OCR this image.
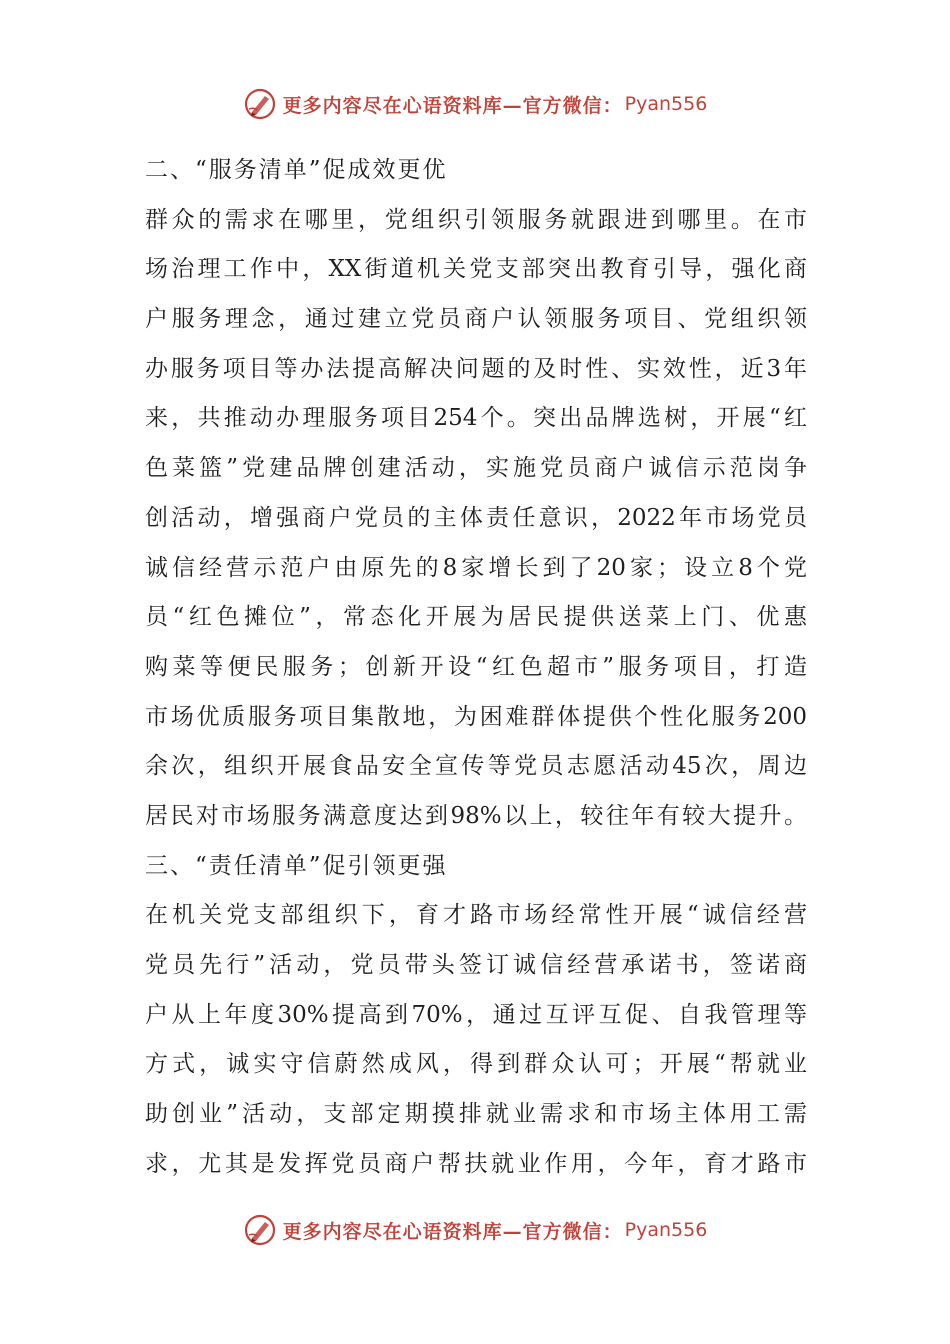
更多内容尽在心语资料库—官方微信： Pyan556
二、“服务清单”促成效更优
群众的需求在哪里，党组织引领服务就跟进到哪里。在市
场治理工作中，XX街道机关党支部突出教育引导，强化商
户服务理念，通过建立党员商户认领服务项目、党组织领
办服务项目等办法提高解决问题的及时性、实效性，近3年
来，共推动办理服务项目254个。突出品牌选树，开展“红
色菜篮”党建品牌创建活动，实施党员商户诚信示范岗争
创活动，增强商户党员的主体责任意识，2022年市场党员
诚信经营示范户由原先的8家增长到了20家；设立8个党
员“红色摊位”，常态化开展为居民提供送菜上门、优惠
购菜等便民服务；创新开设“红色超市”服务项目，打造
市场优质服务项目集散地，为困难群体提供个性化服务200
余次，组织开展食品安全宣传等党员志愿活动45次，周边
居民对市场服务满意度达到98%以上，较往年有较大提升。
三、“责任清单”促引领更强
在机关党支部组织下，育才路市场经常性开展“诚信经营
党员先行”活动，党员带头签订诚信经营承诺书，签诺商
户从上年度30%提高到70%，通过互评互促、自我管理等
方式，诚实守信蔚然成风，得到群众认可；开展“帮就业
助创业”活动，支部定期摸排就业需求和市场主体用工需
求，尤其是发挥党员商户帮扶就业作用，今年，育才路市
更多内容尽在心语资料库—官方微信： Pyan556
